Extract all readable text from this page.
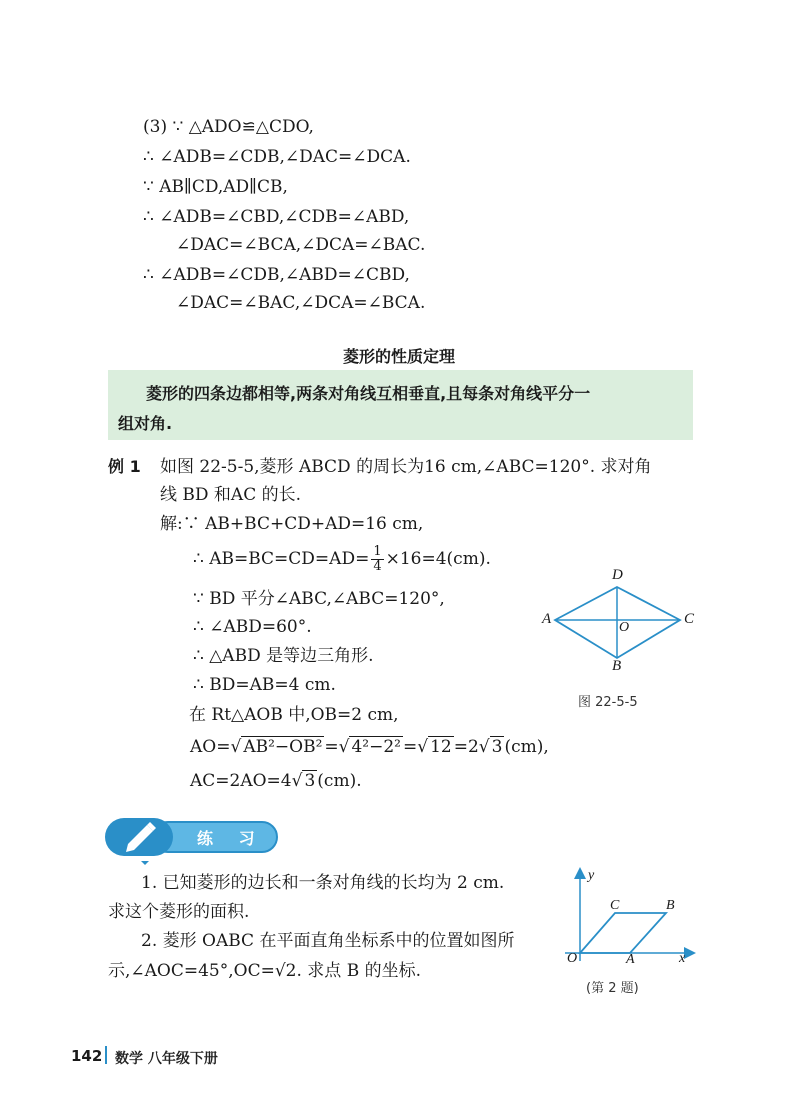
(3) ∵ △ADO≌△CDO,
∴ ∠ADB=∠CDB,∠DAC=∠DCA.
∵ AB∥CD,AD∥CB,
∴ ∠ADB=∠CBD,∠CDB=∠ABD,
∠DAC=∠BCA,∠DCA=∠BAC.
∴ ∠ADB=∠CDB,∠ABD=∠CBD,
∠DAC=∠BAC,∠DCA=∠BCA.
菱形的性质定理
菱形的四条边都相等,两条对角线互相垂直,且每条对角线平分一
组对角.
例 1 如图 22-5-5,菱形 ABCD 的周长为16 cm,∠ABC=120°. 求对角
线 BD 和AC 的长.
解:∵ AB+BC+CD+AD=16 cm,
∴ $AB=BC=CD=AD= \frac{1}{4} \times 16=4(cm)$.
∵ BD 平分∠ABC,∠ABC=120°,
∴ ∠ABD=60°.
∴ △ABD 是等边三角形.
∴ BD=AB=4 cm.
在 Rt△AOB 中,OB=2 cm,
AO=√ AB²−OB² =√ 4²−2² =√ 12 =2√ 3 (cm),
AC=2AO=4√ 3 (cm).
D
A	C
O
B
图 22-5-5
练 习
1. 已知菱形的边长和一条对角线的长均为 2 cm.
求这个菱形的面积.
2. 菱形 OABC 在平面直角坐标系中的位置如图所
示,∠AOC=45°,OC=√2. 求点 B 的坐标.
y
C	B
O	A	x
(第 2 题)
142 数学 八年级下册
